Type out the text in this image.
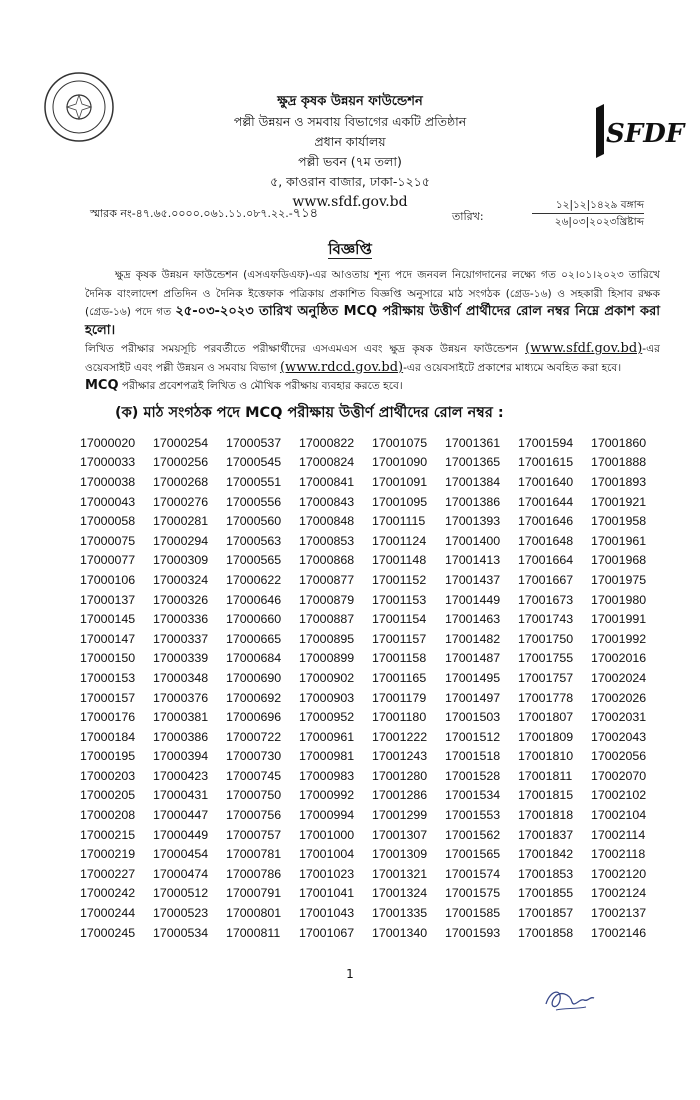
SFDF
ক্ষুদ্র কৃষক উন্নয়ন ফাউন্ডেশন
পল্লী উন্নয়ন ও সমবায় বিভাগের একটি প্রতিষ্ঠান
প্রধান কার্যালয়
পল্লী ভবন (৭ম তলা)
৫, কাওরান বাজার, ঢাকা-১২১৫
www.sfdf.gov.bd
স্মারক নং-৪৭.৬৫.০০০০.০৬১.১১.০৮৭.২২.-৭১৪	তারিখ:
১২|১২|১৪২৯ বঙ্গাব্দ
২৬|০৩|২০২৩খ্রিষ্টাব্দ
বিজ্ঞপ্তি
ক্ষুদ্র কৃষক উন্নয়ন ফাউন্ডেশন (এসএফডিএফ)-এর আওতায় শূন্য পদে জনবল নিয়োগদানের লক্ষ্যে গত ০২।০১।২০২৩ তারিখে দৈনিক বাংলাদেশ প্রতিদিন ও দৈনিক ইত্তেফাক পত্রিকায় প্রকাশিত বিজ্ঞপ্তি অনুসারে মাঠ সংগঠক (গ্রেড-১৬) ও সহকারী হিসাব রক্ষক (গ্রেড-১৬) পদে গত ২৫-০৩-২০২৩ তারিখ অনুষ্ঠিত MCQ পরীক্ষায় উত্তীর্ণ প্রার্থীদের রোল নম্বর নিম্নে প্রকাশ করা হলো।
লিখিত পরীক্ষার সময়সূচি পরবর্তীতে পরীক্ষার্থীদের এসএমএস এবং ক্ষুদ্র কৃষক উন্নয়ন ফাউন্ডেশন (www.sfdf.gov.bd)-এর ওয়েবসাইট এবং পল্লী উন্নয়ন ও সমবায় বিভাগ (www.rdcd.gov.bd)-এর ওয়েবসাইটে প্রকাশের মাধ্যমে অবহিত করা হবে।
MCQ পরীক্ষার প্রবেশপত্রই লিখিত ও মৌখিক পরীক্ষায় ব্যবহার করতে হবে।
(ক) মাঠ সংগঠক পদে MCQ পরীক্ষায় উত্তীর্ণ প্রার্থীদের রোল নম্বর :
17000020	17000254	17000537	17000822	17001075	17001361	17001594	17001860
17000033	17000256	17000545	17000824	17001090	17001365	17001615	17001888
17000038	17000268	17000551	17000841	17001091	17001384	17001640	17001893
17000043	17000276	17000556	17000843	17001095	17001386	17001644	17001921
17000058	17000281	17000560	17000848	17001115	17001393	17001646	17001958
17000075	17000294	17000563	17000853	17001124	17001400	17001648	17001961
17000077	17000309	17000565	17000868	17001148	17001413	17001664	17001968
17000106	17000324	17000622	17000877	17001152	17001437	17001667	17001975
17000137	17000326	17000646	17000879	17001153	17001449	17001673	17001980
17000145	17000336	17000660	17000887	17001154	17001463	17001743	17001991
17000147	17000337	17000665	17000895	17001157	17001482	17001750	17001992
17000150	17000339	17000684	17000899	17001158	17001487	17001755	17002016
17000153	17000348	17000690	17000902	17001165	17001495	17001757	17002024
17000157	17000376	17000692	17000903	17001179	17001497	17001778	17002026
17000176	17000381	17000696	17000952	17001180	17001503	17001807	17002031
17000184	17000386	17000722	17000961	17001222	17001512	17001809	17002043
17000195	17000394	17000730	17000981	17001243	17001518	17001810	17002056
17000203	17000423	17000745	17000983	17001280	17001528	17001811	17002070
17000205	17000431	17000750	17000992	17001286	17001534	17001815	17002102
17000208	17000447	17000756	17000994	17001299	17001553	17001818	17002104
17000215	17000449	17000757	17001000	17001307	17001562	17001837	17002114
17000219	17000454	17000781	17001004	17001309	17001565	17001842	17002118
17000227	17000474	17000786	17001023	17001321	17001574	17001853	17002120
17000242	17000512	17000791	17001041	17001324	17001575	17001855	17002124
17000244	17000523	17000801	17001043	17001335	17001585	17001857	17002137
17000245	17000534	17000811	17001067	17001340	17001593	17001858	17002146
1
